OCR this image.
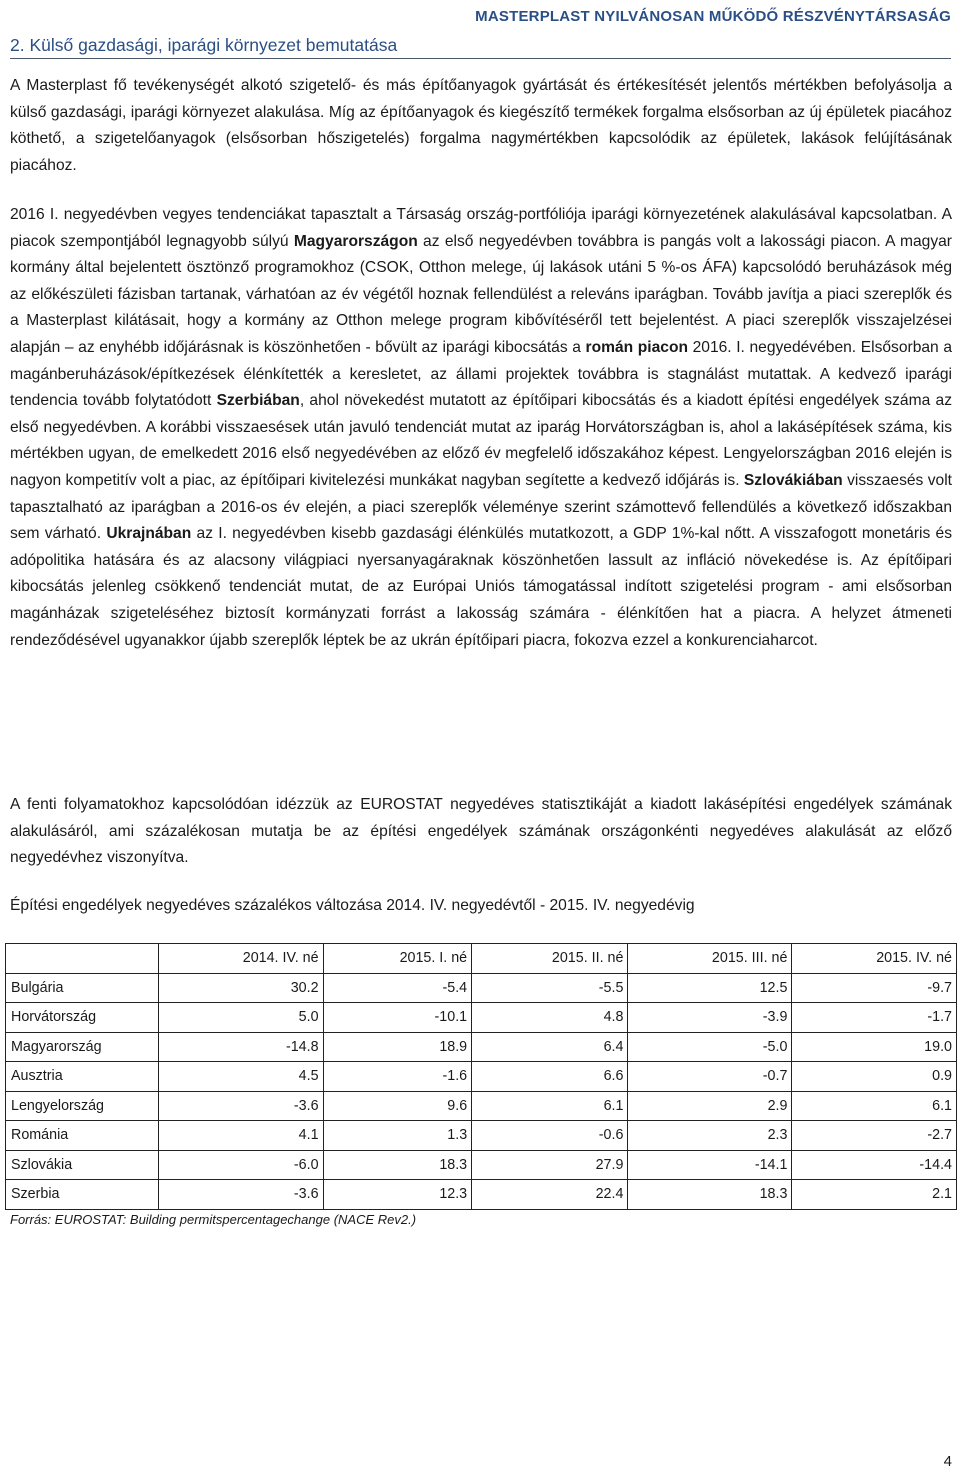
2. Külső gazdasági, iparági környezet bemutatása
MASTERPLAST NYILVÁNOSAN MŰKÖDŐ RÉSZVÉNYTÁRSASÁG

A Masterplast fő tevékenységét alkotó szigetelő- és más építőanyagok gyártását és értékesítését jelentős mértékben befolyásolja a külső gazdasági, iparági környezet alakulása. Míg az építőanyagok és kiegészítő termékek forgalma elsősorban az új épületek piacához köthető, a szigetelőanyagok (elsősorban hőszigetelés) forgalma nagymértékben kapcsolódik az épületek, lakások felújításának piacához.

2016 I. negyedévben vegyes tendenciákat tapasztalt a Társaság ország-portfóliója iparági környezetének alakulásával kapcsolatban. A piacok szempontjából legnagyobb súlyú Magyarországon az első negyedévben továbbra is pangás volt a lakossági piacon. A magyar kormány által bejelentett ösztönző programokhoz (CSOK, Otthon melege, új lakások utáni 5 %-os ÁFA) kapcsolódó beruházások még az előkészületi fázisban tartanak, várhatóan az év végétől hoznak fellendülést a releváns iparágban. Tovább javítja a piaci szereplők és a Masterplast kilátásait, hogy a kormány az Otthon melege program kibővítéséről tett bejelentést. A piaci szereplők visszajelzései alapján – az enyhébb időjárásnak is köszönhetően - bővült az iparági kibocsátás a román piacon 2016. I. negyedévében. Elsősorban a magánberuházások/építkezések élénkítették a keresletet, az állami projektek továbbra is stagnálást mutattak. A kedvező iparági tendencia tovább folytatódott Szerbiában, ahol növekedést mutatott az építőipari kibocsátás és a kiadott építési engedélyek száma az első negyedévben. A korábbi visszaesések után javuló tendenciát mutat az iparág Horvátországban is, ahol a lakásépítések száma, kis mértékben ugyan, de emelkedett 2016 első negyedévében az előző év megfelelő időszakához képest. Lengyelországban 2016 elején is nagyon kompetitív volt a piac, az építőipari kivitelezési munkákat nagyban segítette a kedvező időjárás is. Szlovákiában visszaesés volt tapasztalható az iparágban a 2016-os év elején, a piaci szereplők véleménye szerint számottevő fellendülés a következő időszakban sem várható. Ukrajnában az I. negyedévben kisebb gazdasági élénkülés mutatkozott, a GDP 1%-kal nőtt. A visszafogott monetáris és adópolitika hatására és az alacsony világpiaci nyersanyagáraknak köszönhetően lassult az infláció növekedése is. Az építőipari kibocsátás jelenleg csökkenő tendenciát mutat, de az Európai Uniós támogatással indított szigetelési program - ami elsősorban magánházak szigeteléséhez biztosít kormányzati forrást a lakosság számára - élénkítően hat a piacra. A helyzet átmeneti rendeződésével ugyanakkor újabb szereplők léptek be az ukrán építőipari piacra, fokozva ezzel a konkurenciaharcot.

A fenti folyamatokhoz kapcsolódóan idézzük az EUROSTAT negyedéves statisztikáját a kiadott lakásépítési engedélyek számának alakulásáról, ami százalékosan mutatja be az építési engedélyek számának országonkénti negyedéves alakulását az előző negyedévhez viszonyítva.

Építési engedélyek negyedéves százalékos változása 2014. IV. negyedévtől - 2015. IV. negyedévig
	2014. IV. né	2015. I. né	2015. II. né	2015. III. né	2015. IV. né
Bulgária	30.2	-5.4	-5.5	12.5	-9.7
Horvátország	5.0	-10.1	4.8	-3.9	-1.7
Magyarország	-14.8	18.9	6.4	-5.0	19.0
Ausztria	4.5	-1.6	6.6	-0.7	0.9
Lengyelország	-3.6	9.6	6.1	2.9	6.1
Románia	4.1	1.3	-0.6	2.3	-2.7
Szlovákia	-6.0	18.3	27.9	-14.1	-14.4
Szerbia	-3.6	12.3	22.4	18.3	2.1
Forrás: EUROSTAT: Building permitspercentagechange (NACE Rev2.)
4
